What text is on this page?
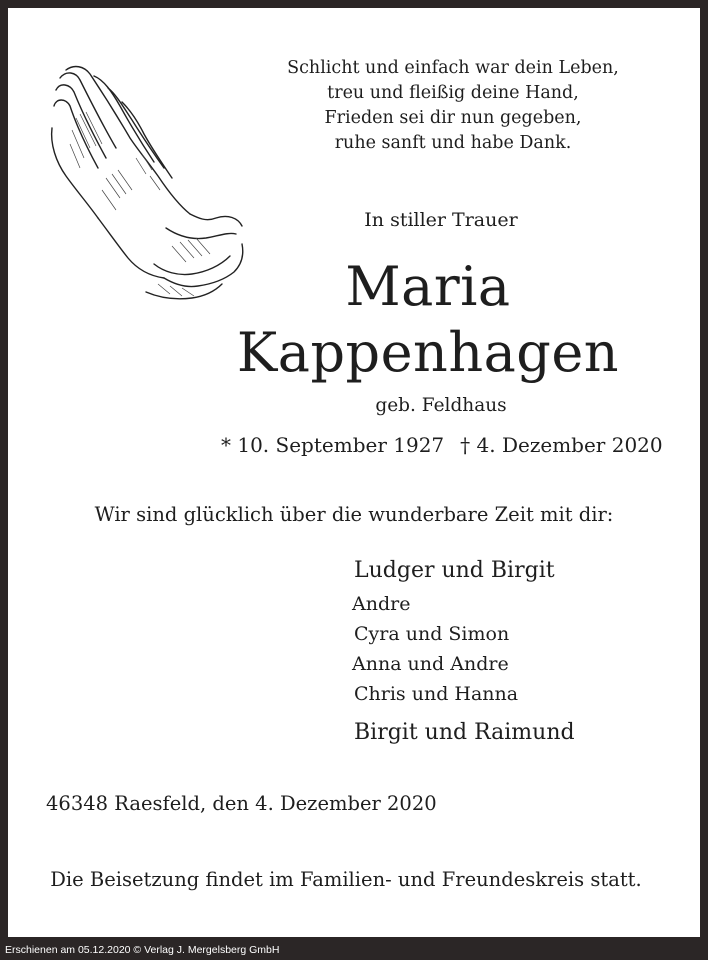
Schlicht und einfach war dein Leben,
treu und fleißig deine Hand,
Frieden sei dir nun gegeben,
ruhe sanft und habe Dank.
In stiller Trauer
Maria
Kappenhagen
geb. Feldhaus
* 10. September 1927 † 4. Dezember 2020
Wir sind glücklich über die wunderbare Zeit mit dir:
Ludger und Birgit
Andre
Cyra und Simon
Anna und Andre
Chris und Hanna
Birgit und Raimund
46348 Raesfeld, den 4. Dezember 2020
Die Beisetzung findet im Familien- und Freundeskreis statt.
Erschienen am 05.12.2020 © Verlag J. Mergelsberg GmbH
